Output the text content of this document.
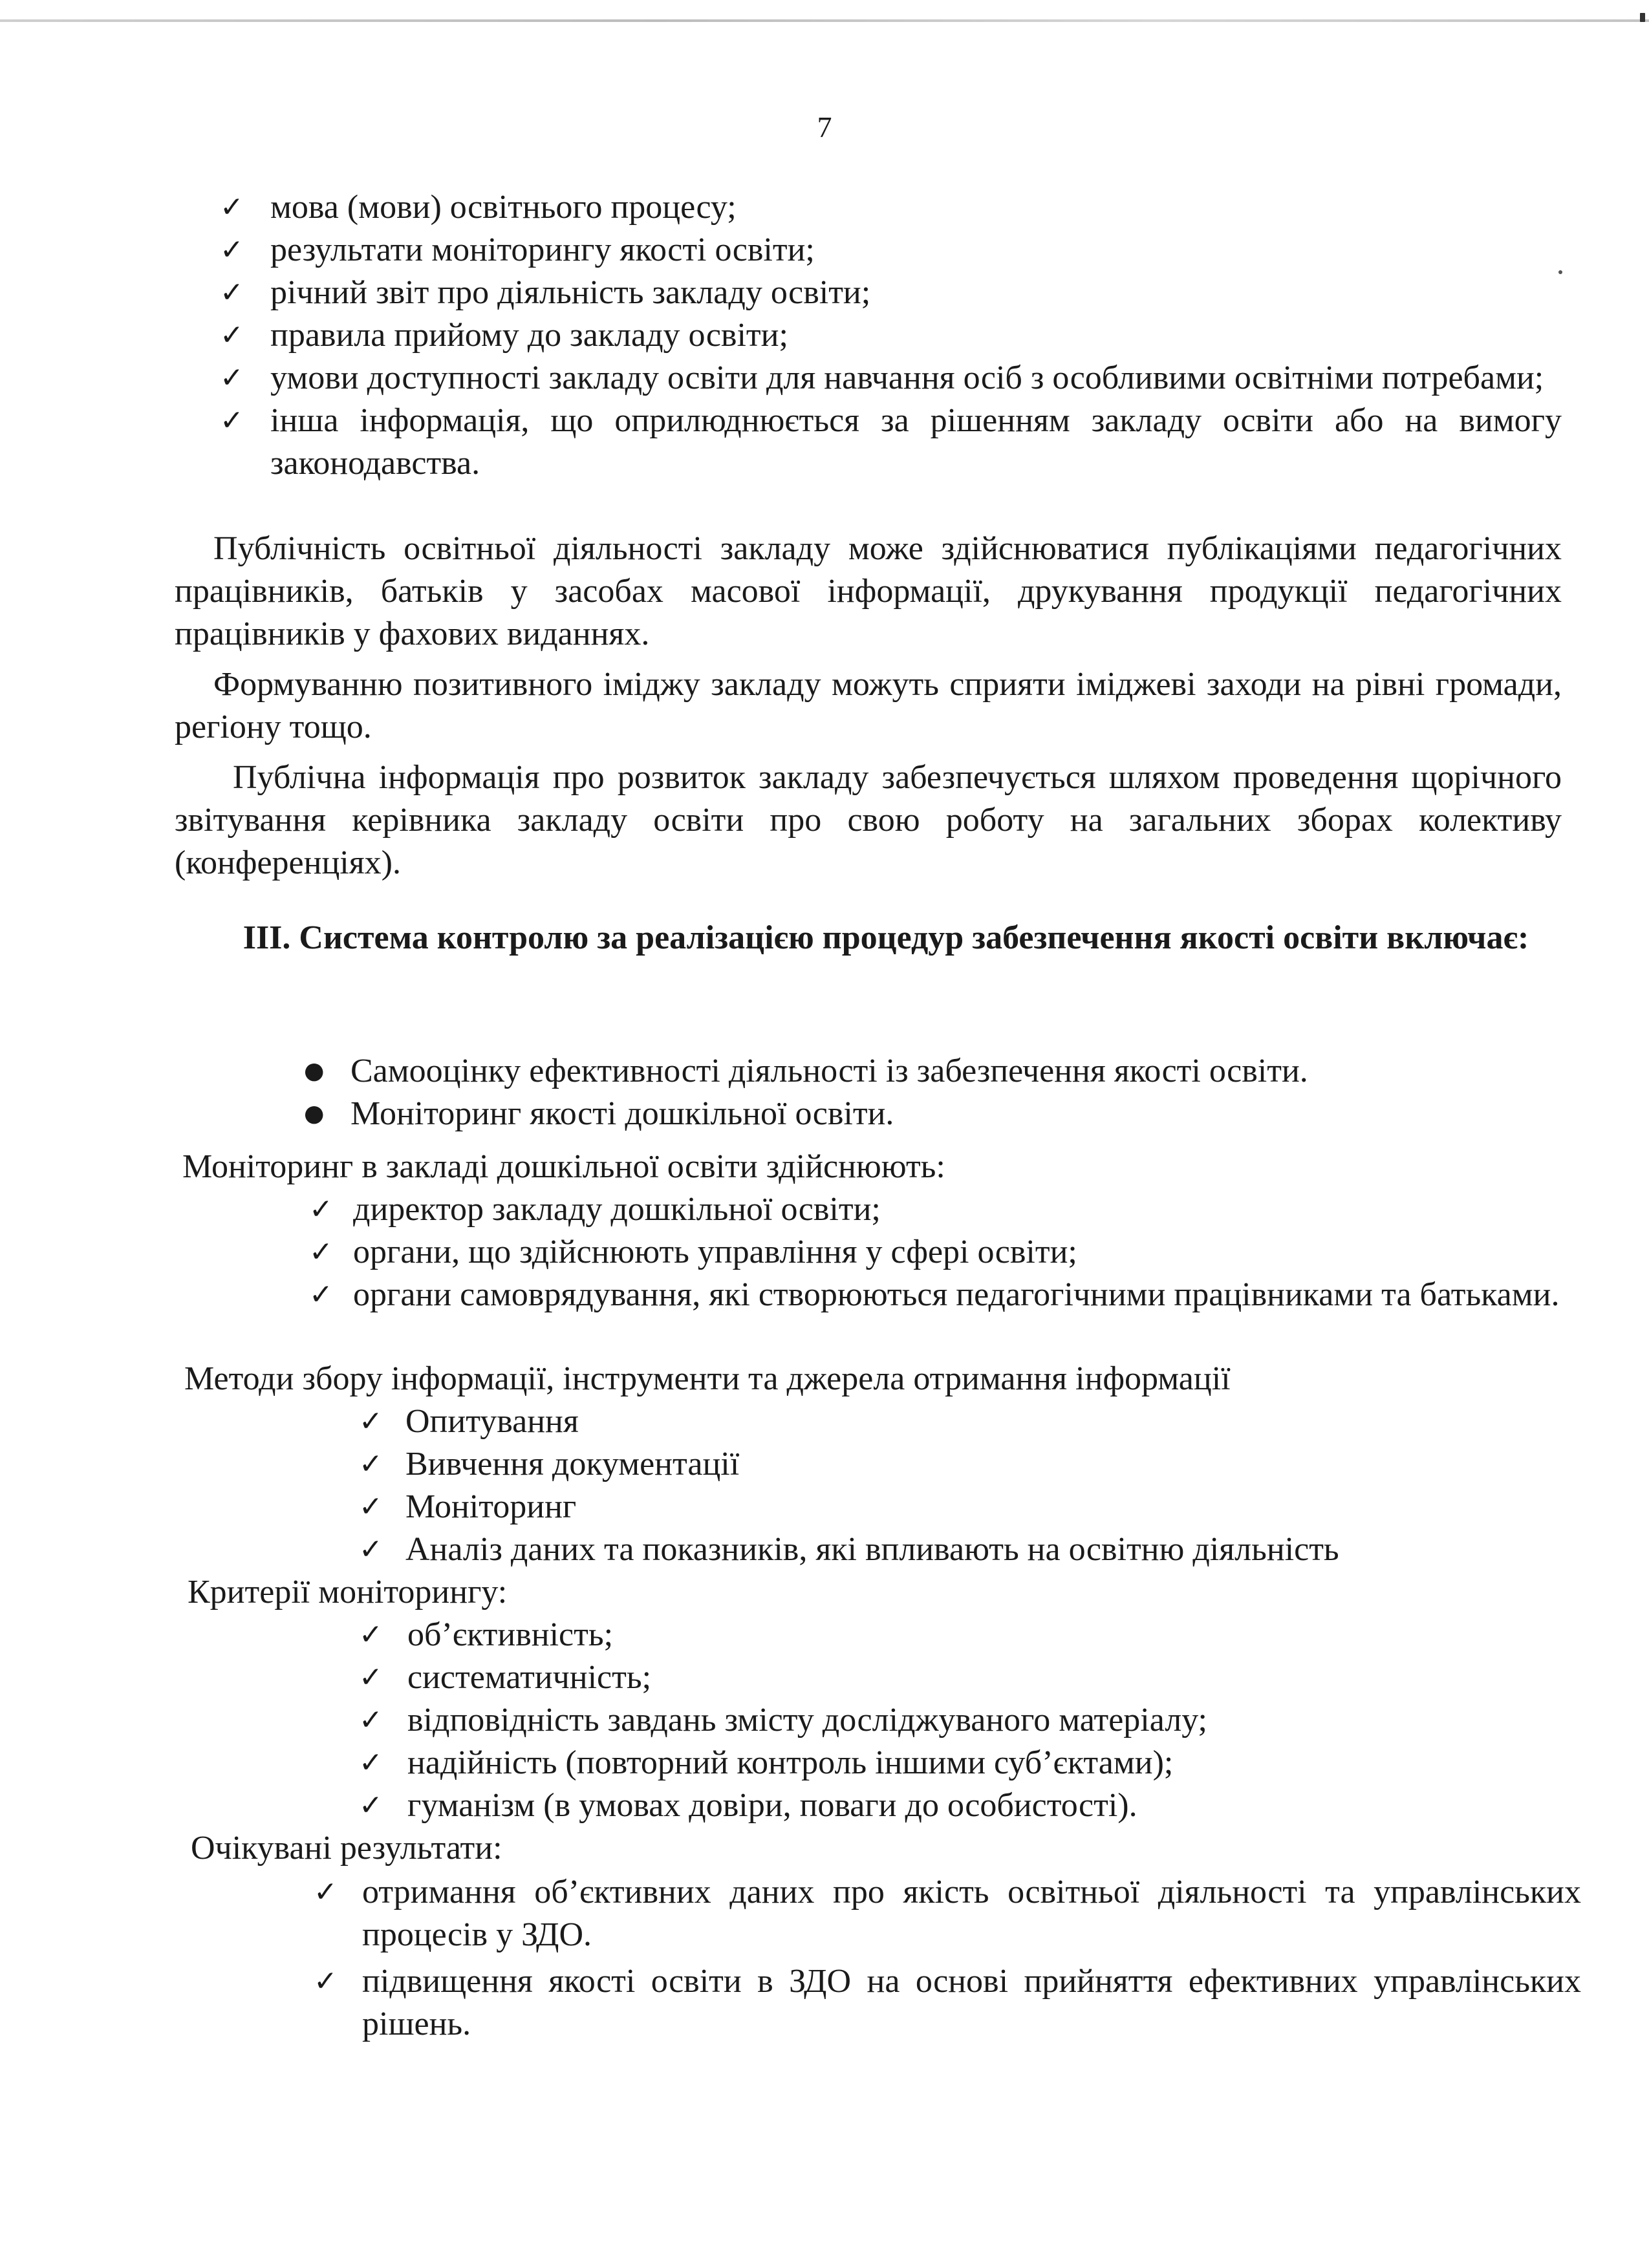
7
✓ мова (мови) освітнього процесу;
✓ результати моніторингу якості освіти;
✓ річний звіт про діяльність закладу освіти;
✓ правила прийому до закладу освіти;
✓ умови доступності закладу освіти для навчання осіб з особливими освітніми потребами;
✓ інша інформація, що оприлюднюється за рішенням закладу освіти або на вимогу законодавства.

Публічність освітньої діяльності закладу може здійснюватися публікаціями педагогічних працівників, батьків у засобах масової інформації, друкування продукції педагогічних працівників у фахових виданнях.

Формуванню позитивного іміджу закладу можуть сприяти іміджеві заходи на рівні громади, регіону тощо.

Публічна інформація про розвиток закладу забезпечується шляхом проведення щорічного звітування керівника закладу освіти про свою роботу на загальних зборах колективу (конференціях).

ІІІ. Система контролю за реалізацією процедур забезпечення якості освіти включає:
● Самооцінку ефективності діяльності із забезпечення якості освіти.
● Моніторинг якості дошкільної освіти.
Моніторинг в закладі дошкільної освіти здійснюють:
✓ директор закладу дошкільної освіти;
✓ органи, що здійснюють управління у сфері освіти;
✓ органи самоврядування, які створюються педагогічними працівниками та батьками.
Методи збору інформації, інструменти та джерела отримання інформації
✓ Опитування
✓ Вивчення документації
✓ Моніторинг
✓ Аналіз даних та показників, які впливають на освітню діяльність
Критерії моніторингу:
✓ об’єктивність;
✓ систематичність;
✓ відповідність завдань змісту досліджуваного матеріалу;
✓ надійність (повторний контроль іншими суб’єктами);
✓ гуманізм (в умовах довіри, поваги до особистості).
Очікувані результати:
✓ отримання об’єктивних даних про якість освітньої діяльності та управлінських процесів у ЗДО.
✓ підвищення якості освіти в ЗДО на основі прийняття ефективних управлінських рішень.
